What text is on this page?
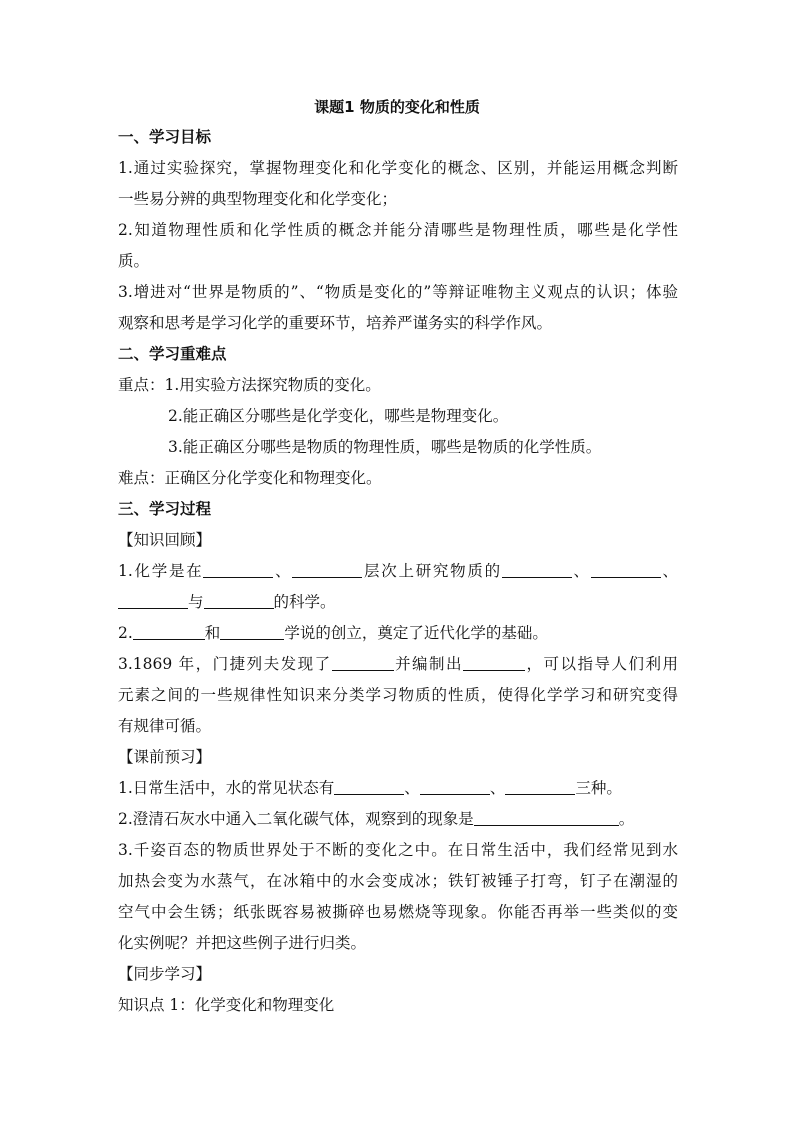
课题1 物质的变化和性质

一、学习目标

1.通过实验探究，掌握物理变化和化学变化的概念、区别，并能运用概念判断

一些易分辨的典型物理变化和化学变化；

2.知道物理性质和化学性质的概念并能分清哪些是物理性质，哪些是化学性

质。

3.增进对“世界是物质的”、“物质是变化的”等辩证唯物主义观点的认识；体验

观察和思考是学习化学的重要环节，培养严谨务实的科学作风。

二、学习重难点

重点：1.用实验方法探究物质的变化。

2.能正确区分哪些是化学变化，哪些是物理变化。

3.能正确区分哪些是物质的物理性质，哪些是物质的化学性质。

难点：正确区分化学变化和物理变化。

三、学习过程

【知识回顾】

1.化学是在	、	层次上研究物质的	、	、

与	的科学。

2.	和	学说的创立，奠定了近代化学的基础。

3.1869 年，门捷列夫发现了	并编制出	，可以指导人们利用

元素之间的一些规律性知识来分类学习物质的性质，使得化学学习和研究变得

有规律可循。

【课前预习】

1.日常生活中，水的常见状态有	、	、	三种。

2.澄清石灰水中通入二氧化碳气体，观察到的现象是	。

3.千姿百态的物质世界处于不断的变化之中。在日常生活中，我们经常见到水

加热会变为水蒸气，在冰箱中的水会变成冰；铁钉被锤子打弯，钉子在潮湿的

空气中会生锈；纸张既容易被撕碎也易燃烧等现象。你能否再举一些类似的变

化实例呢？并把这些例子进行归类。

【同步学习】

知识点 1：化学变化和物理变化
